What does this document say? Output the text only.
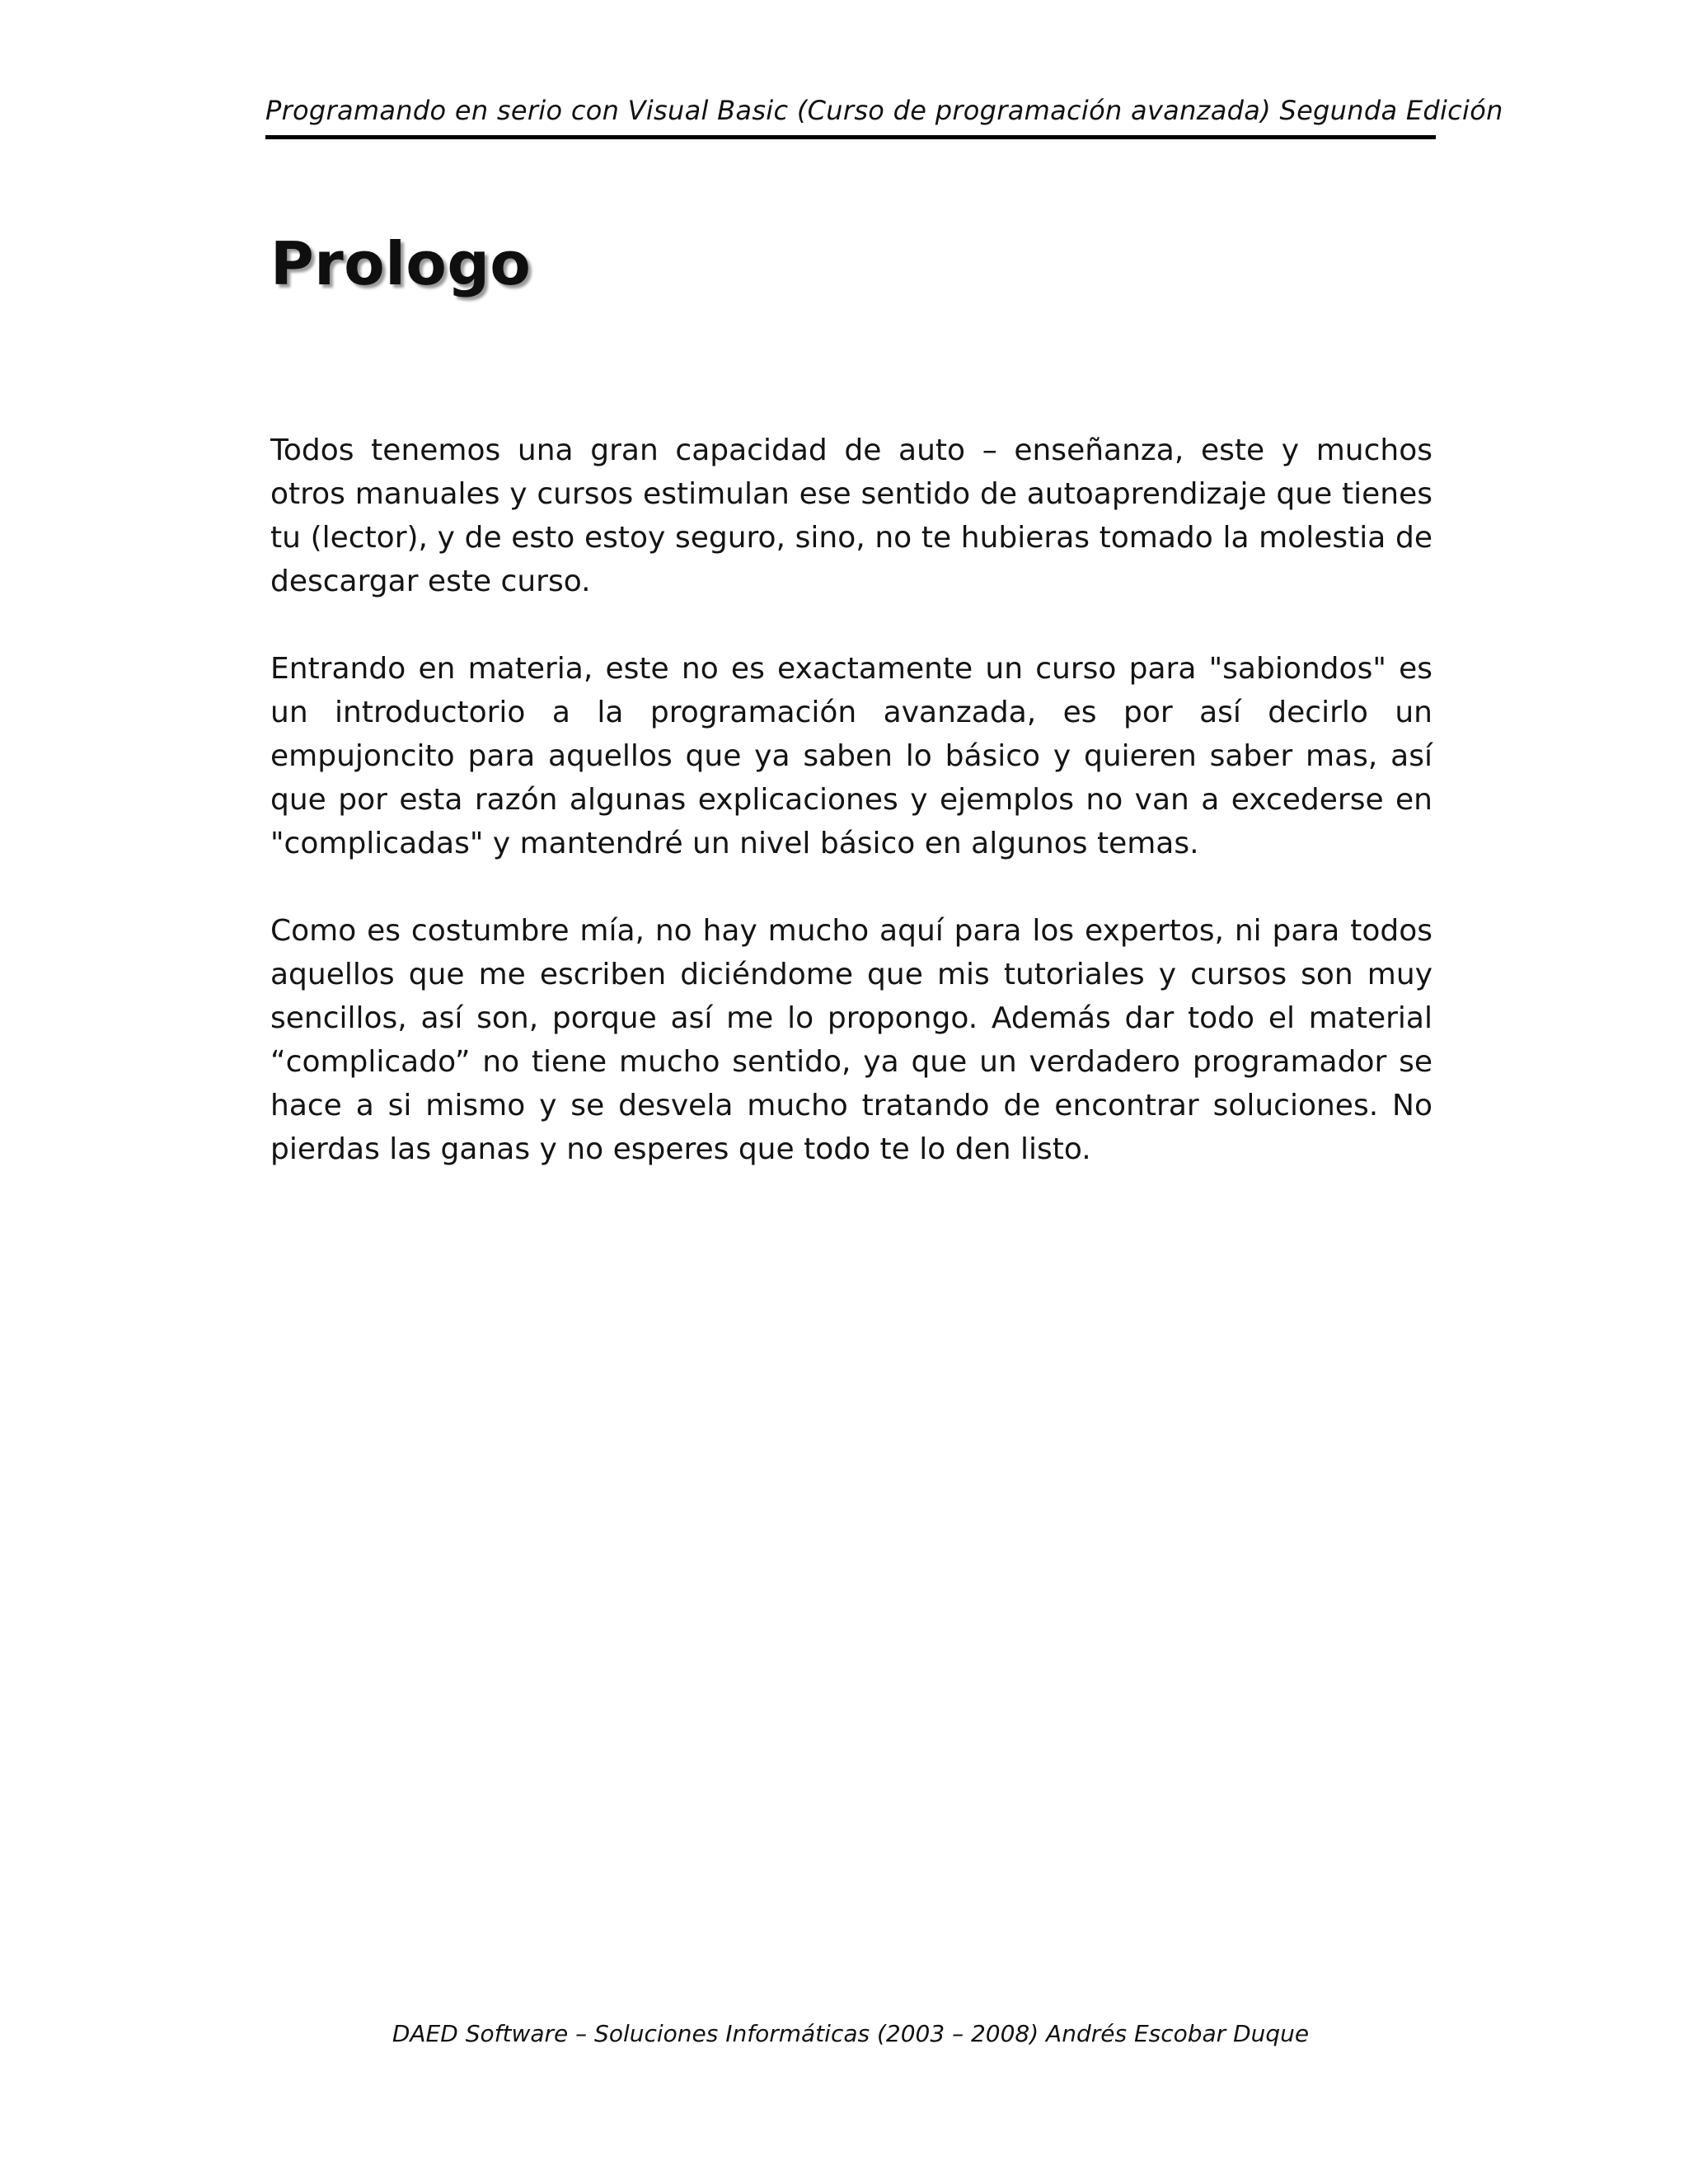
Programando en serio con Visual Basic (Curso de programación avanzada) Segunda Edición
Prologo

Todos tenemos una gran capacidad de auto – enseñanza, este y muchos otros manuales y cursos estimulan ese sentido de autoaprendizaje que tienes tu (lector), y de esto estoy seguro, sino, no te hubieras tomado la molestia de descargar este curso.

Entrando en materia, este no es exactamente un curso para "sabiondos" es un introductorio a la programación avanzada, es por así decirlo un empujoncito para aquellos que ya saben lo básico y quieren saber mas, así que por esta razón algunas explicaciones y ejemplos no van a excederse en "complicadas" y mantendré un nivel básico en algunos temas.

Como es costumbre mía, no hay mucho aquí para los expertos, ni para todos aquellos que me escriben diciéndome que mis tutoriales y cursos son muy sencillos, así son, porque así me lo propongo. Además dar todo el material “complicado” no tiene mucho sentido, ya que un verdadero programador se hace a si mismo y se desvela mucho tratando de encontrar soluciones. No pierdas las ganas y no esperes que todo te lo den listo.

DAED Software – Soluciones Informáticas (2003 – 2008) Andrés Escobar Duque
